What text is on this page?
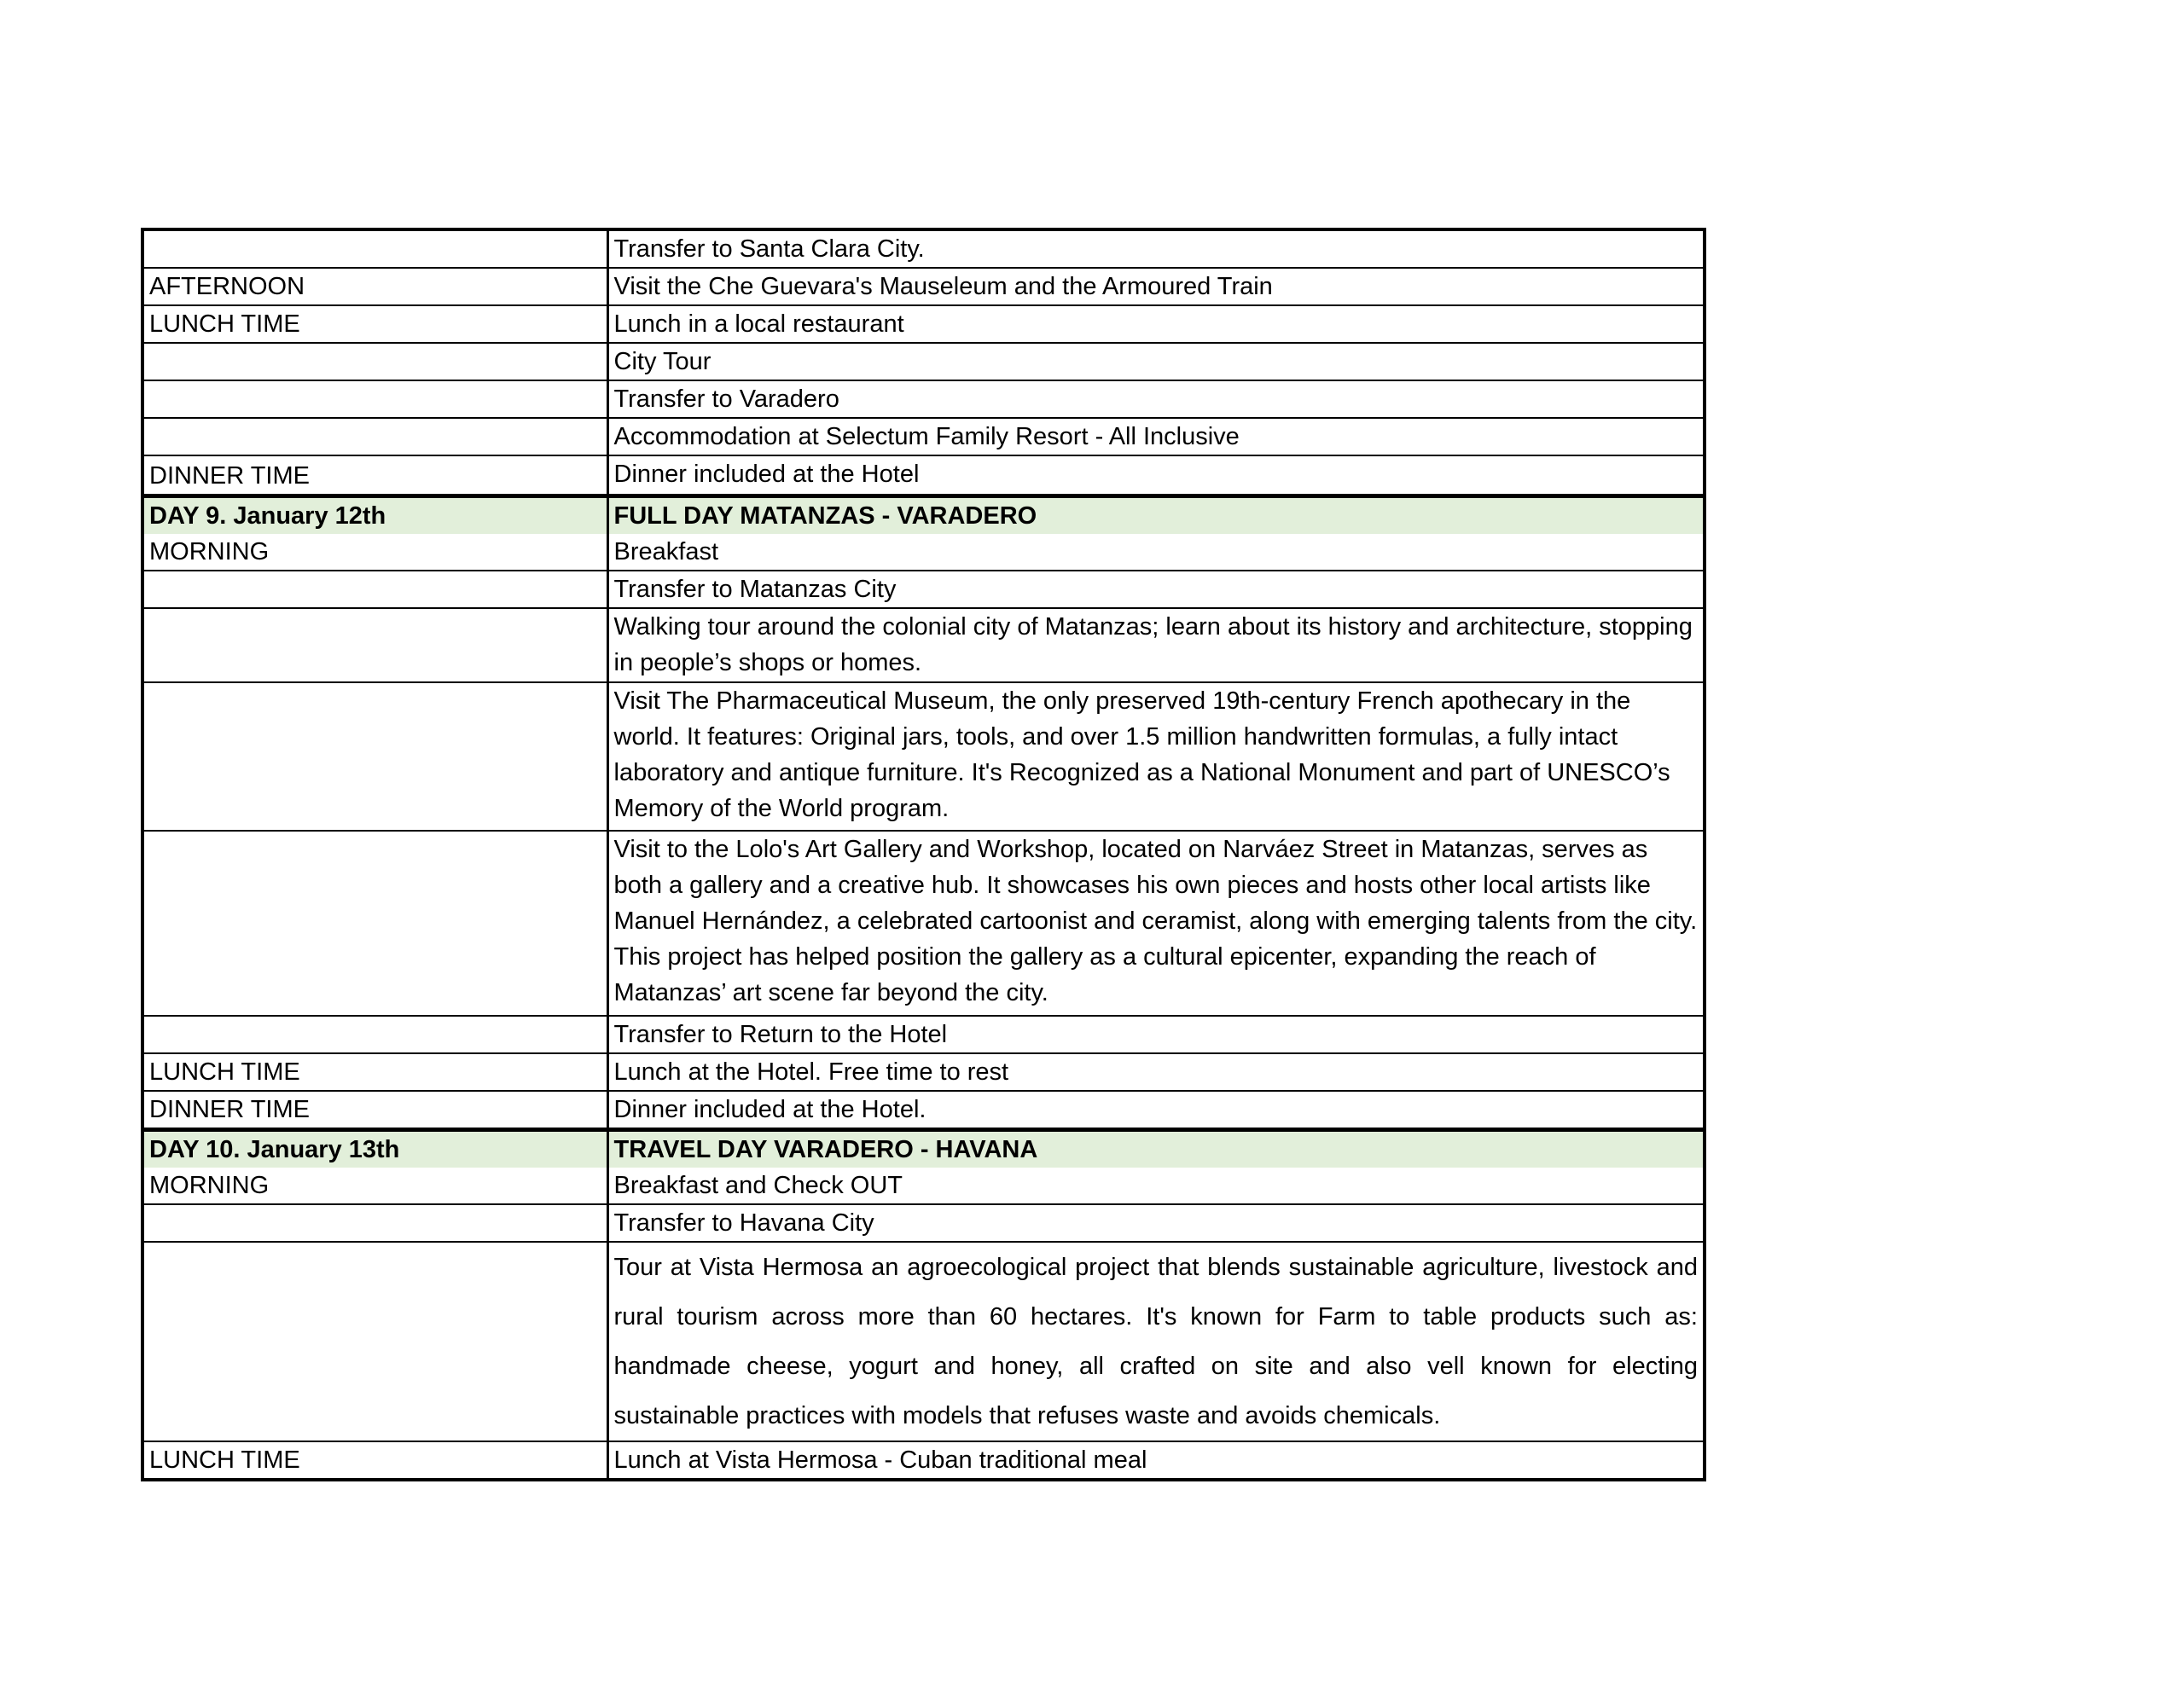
	Transfer to Santa Clara City.
AFTERNOON	Visit the Che Guevara's Mauseleum and the Armoured Train
LUNCH TIME	Lunch in a local restaurant
	City Tour
	Transfer to Varadero
	Accommodation at Selectum Family Resort - All Inclusive
DINNER TIME	Dinner included at the Hotel
DAY 9. January 12th	FULL DAY MATANZAS - VARADERO
MORNING	Breakfast
	Transfer to Matanzas City
	Walking tour around the colonial city of Matanzas; learn about its history and architecture, stopping in people’s shops or homes.
	Visit The Pharmaceutical Museum, the only preserved 19th-century French apothecary in the world. It features: Original jars, tools, and over 1.5 million handwritten formulas, a fully intact laboratory and antique furniture. It's Recognized as a National Monument and part of UNESCO’s Memory of the World program.
	Visit to the Lolo's Art Gallery and Workshop, located on Narváez Street in Matanzas, serves as both a gallery and a creative hub. It showcases his own pieces and hosts other local artists like Manuel Hernández, a celebrated cartoonist and ceramist, along with emerging talents from the city. This project has helped position the gallery as a cultural epicenter, expanding the reach of Matanzas’ art scene far beyond the city.
	Transfer to Return to the Hotel
LUNCH TIME	Lunch at the Hotel. Free time to rest
DINNER TIME	Dinner included at the Hotel.
DAY 10. January 13th	TRAVEL DAY VARADERO - HAVANA
MORNING	Breakfast and Check OUT
	Transfer to Havana City
	Tour at Vista Hermosa an agroecological project that blends sustainable agriculture, livestock and rural tourism across more than 60 hectares. It's known for Farm to table products such as: handmade cheese, yogurt and honey, all crafted on site and also vell known for electing sustainable practices with models that refuses waste and avoids chemicals.
LUNCH TIME	Lunch at Vista Hermosa - Cuban traditional meal
